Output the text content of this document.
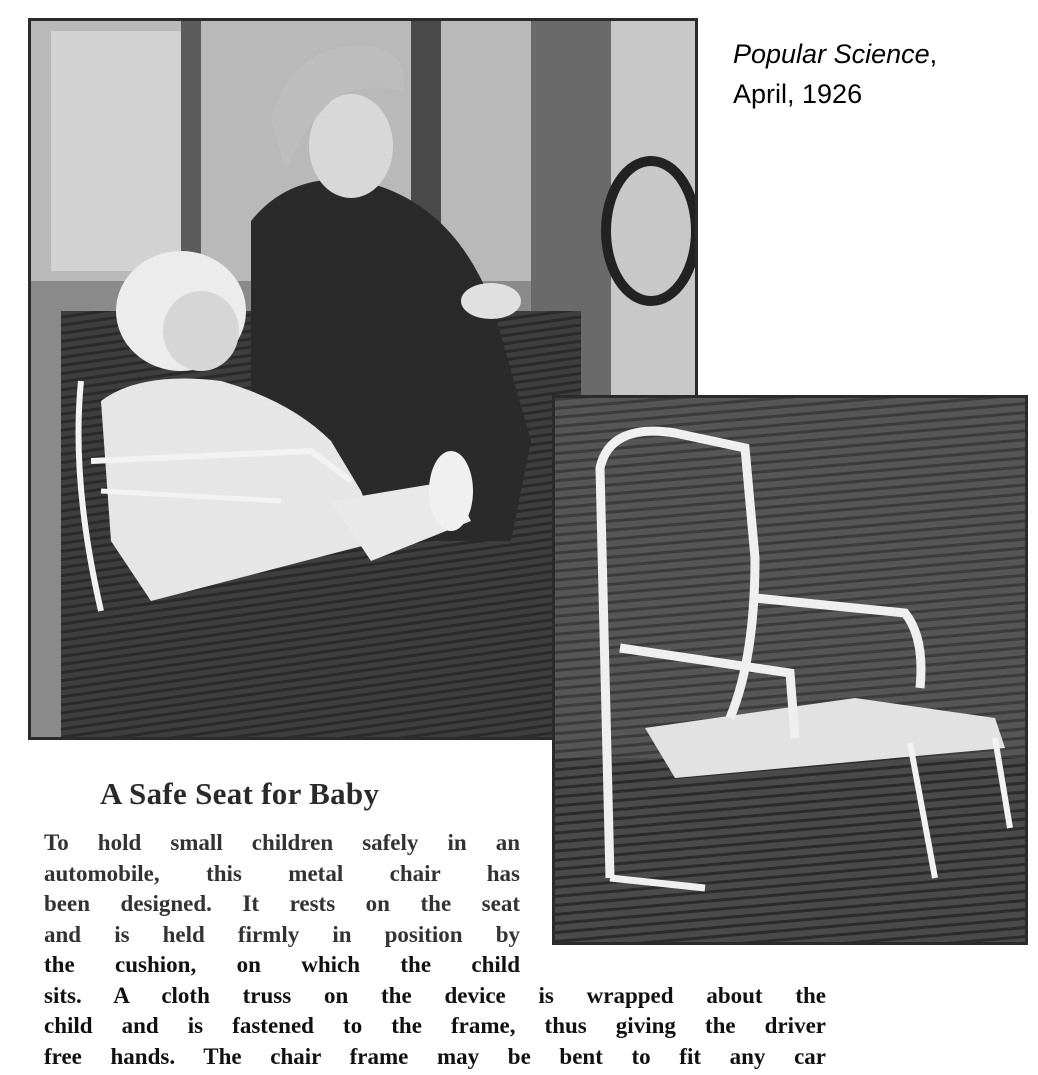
Popular Science,
April, 1926
A Safe Seat for Baby
To hold small children safely in an
automobile, this metal chair has
been designed. It rests on the seat
and is held firmly in position by
the cushion, on which the child
sits. A cloth truss on the device is wrapped about the
child and is fastened to the frame, thus giving the driver
free hands. The chair frame may be bent to fit any car
